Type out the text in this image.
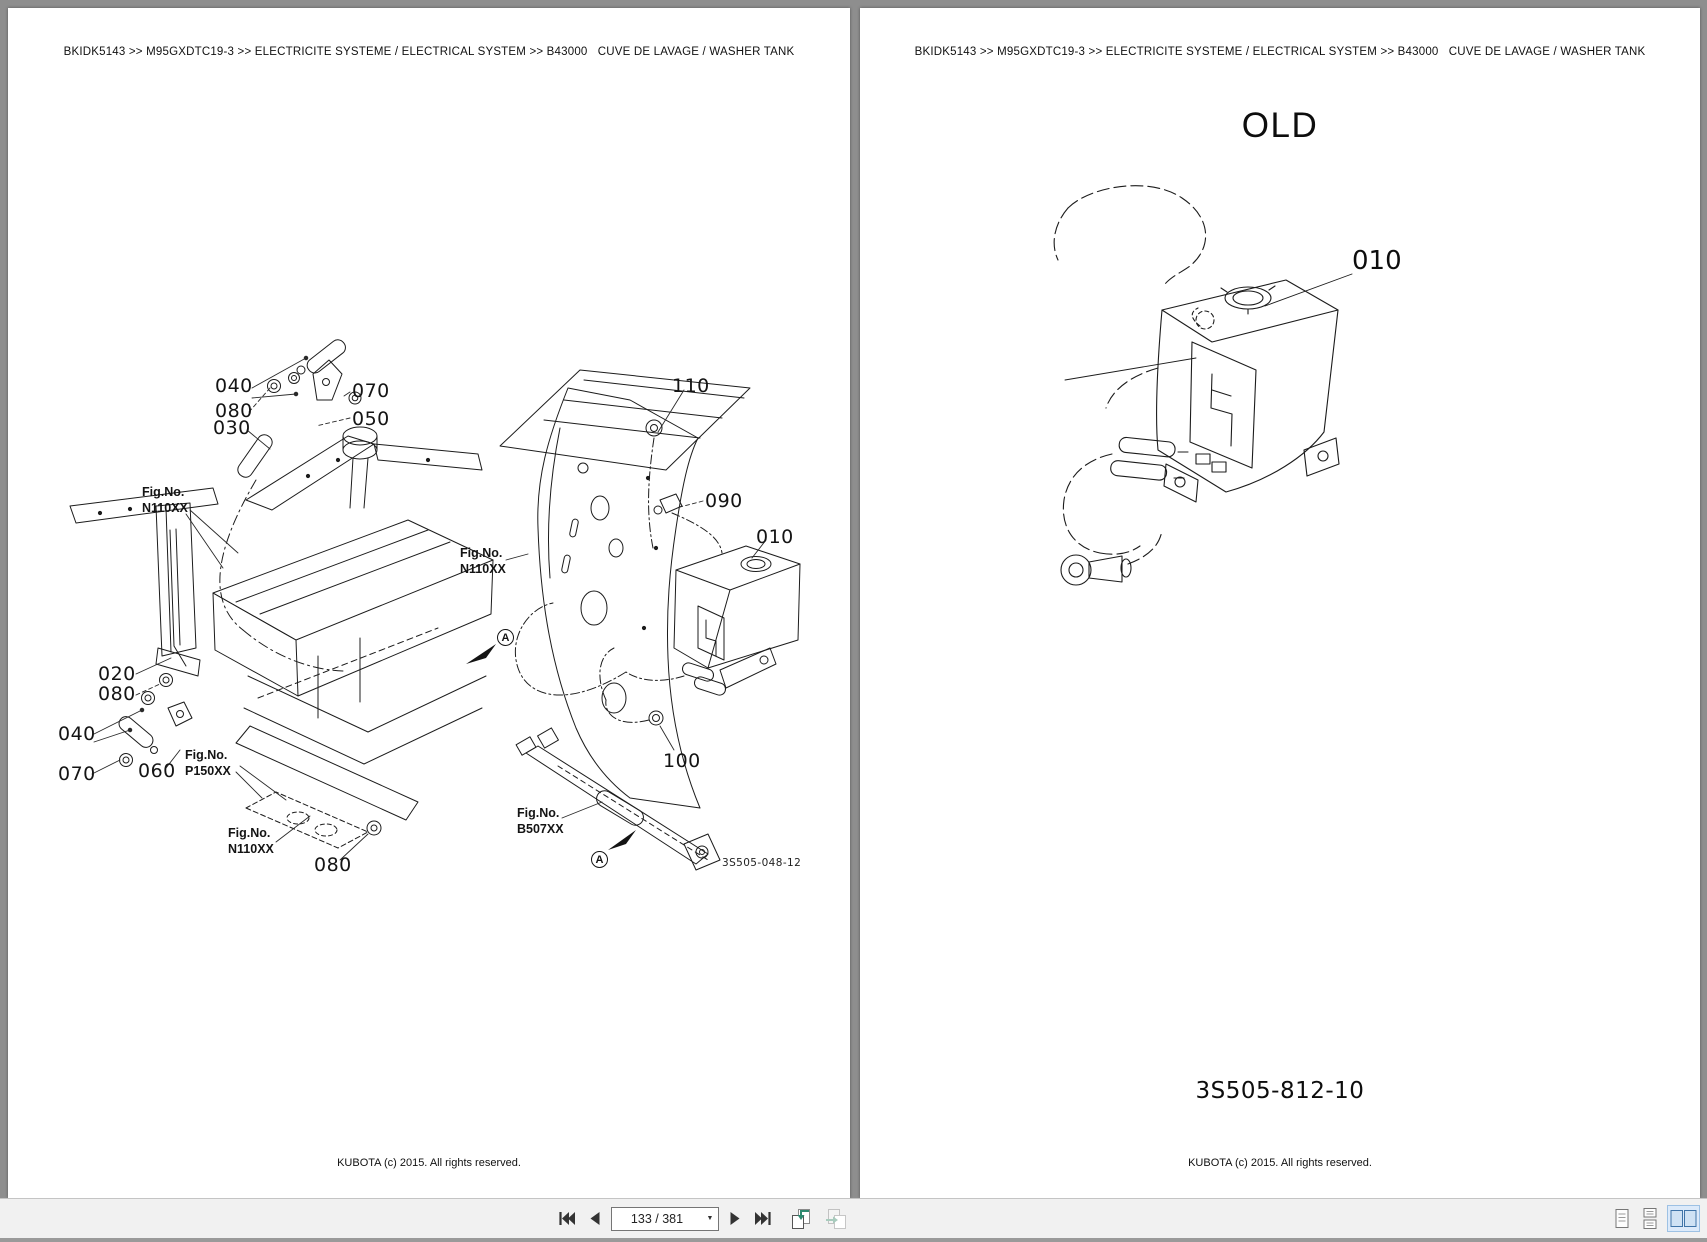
BKIDK5143 >> M95GXDTC19-3 >> ELECTRICITE SYSTEME / ELECTRICAL SYSTEM >> B43000   CUVE DE LAVAGE / WASHER TANK
040
080
030
070
050
110
090
010
020
080
040
070 060	100
080
Fig.No.
N110XX
Fig.No.
N110XX
Fig.No.
P150XX
Fig.No.
N110XX
Fig.No.
B507XX
A
A	3S505-048-12
KUBOTA (c) 2015. All rights reserved.
BKIDK5143 >> M95GXDTC19-3 >> ELECTRICITE SYSTEME / ELECTRICAL SYSTEM >> B43000   CUVE DE LAVAGE / WASHER TANK
OLD
010
3S505-812-10
KUBOTA (c) 2015. All rights reserved.
133 / 381
▼
